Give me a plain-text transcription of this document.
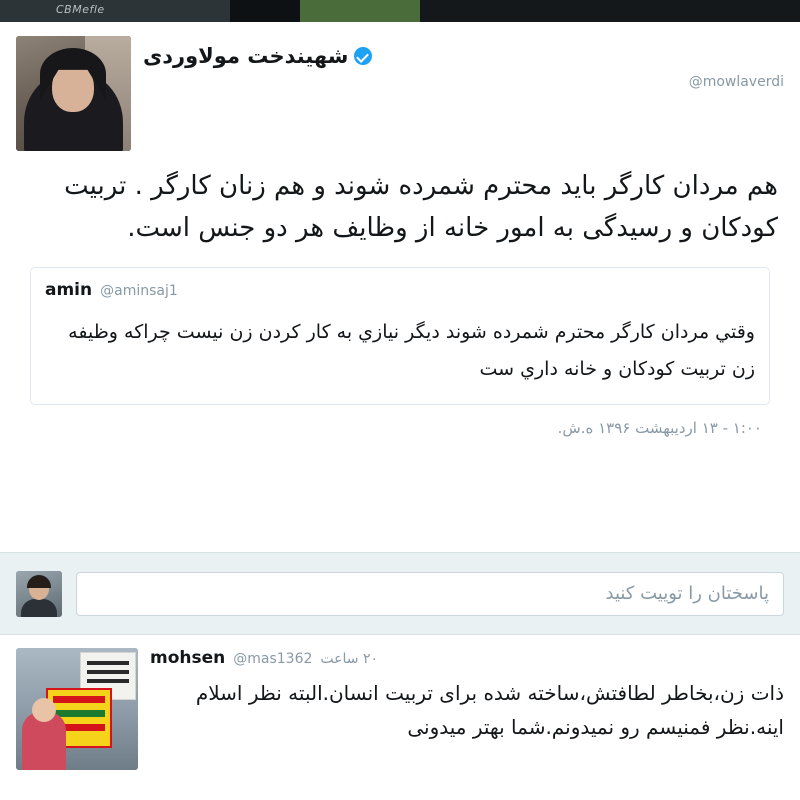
CBMefle
شهیندخت مولاوردی
@mowlaverdi
هم مردان کارگر باید محترم شمرده شوند و هم زنان کارگر . تربیت کودکان و رسیدگی به امور خانه از وظایف هر دو جنس است.
amin @aminsaj1
وقتي مردان کارگر محترم شمرده شوند دیگر نیازي به کار کردن زن نیست چراکه وظیفه زن تربیت کودکان و خانه داري ست
۱:۰۰ - ۱۳ اردیبهشت ۱۳۹۶ ه.ش.
پاسختان را توییت کنید
mohsen @mas1362 ۲۰ ساعت
ذات زن،بخاطر لطافتش،ساخته شده برای تربیت انسان.البته نظر اسلام اینه.نظر فمنیسم رو نمیدونم.شما بهتر میدونی
